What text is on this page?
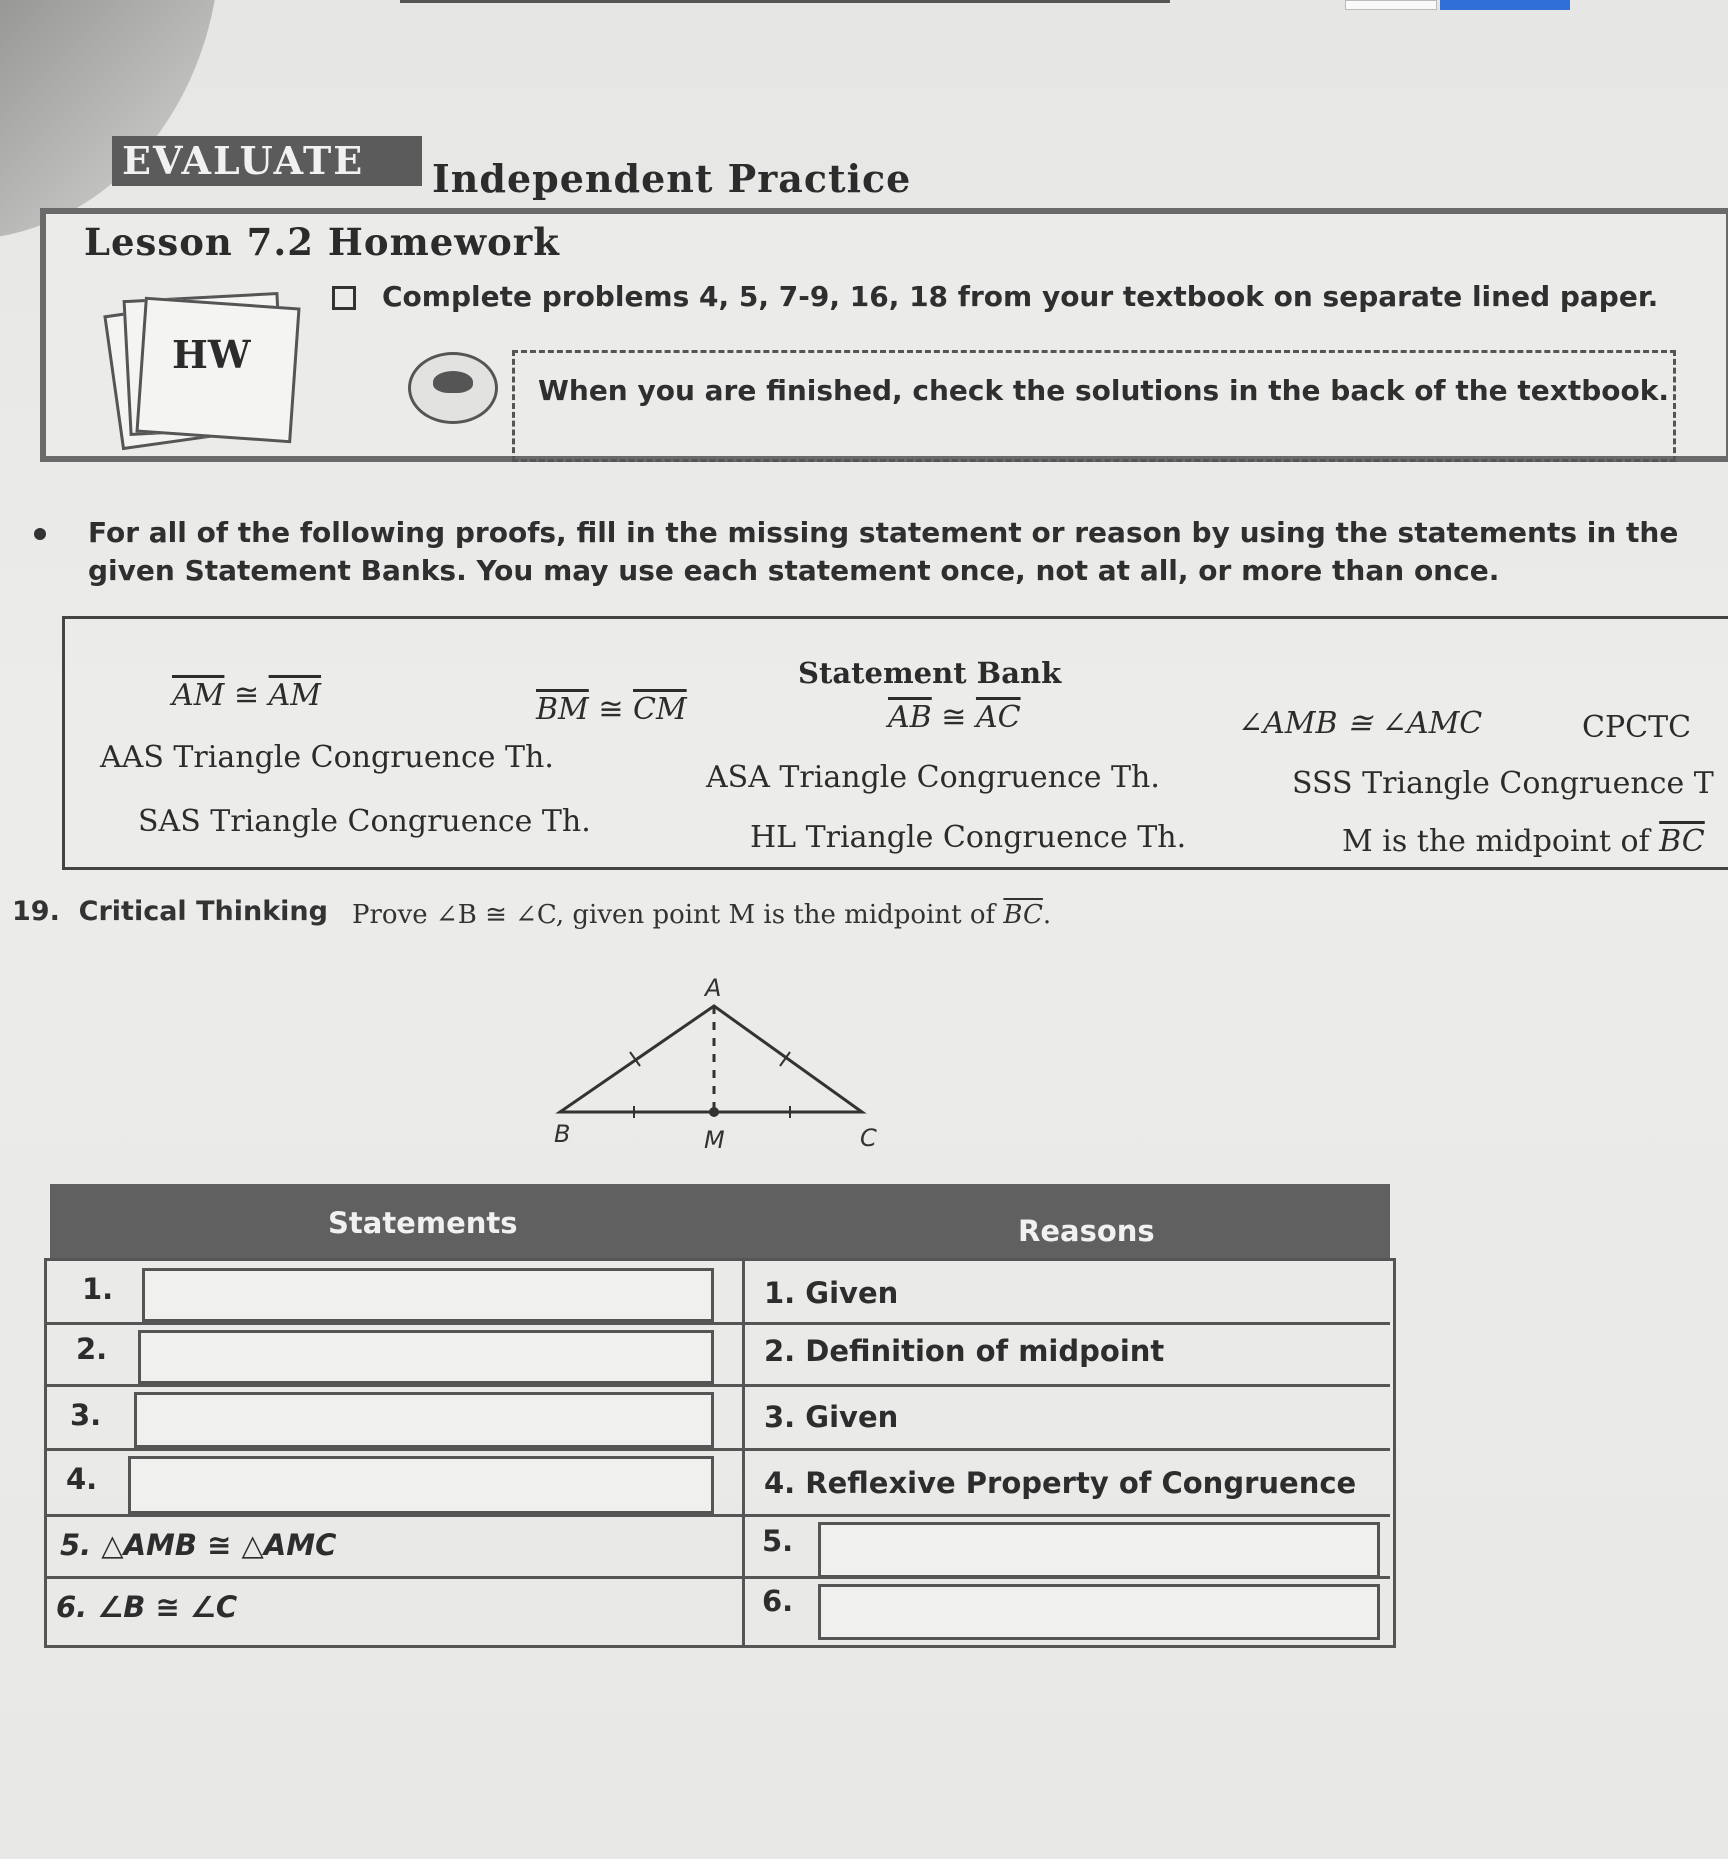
EVALUATE	Independent Practice
Lesson 7.2 Homework
HW
Complete problems 4, 5, 7-9, 16, 18 from your textbook on separate lined paper.
When you are finished, check the solutions in the back of the textbook.
For all of the following proofs, fill in the missing statement or reason by using the statements in the given Statement Banks. You may use each statement once, not at all, or more than once.
Statement Bank
$\overline{AM}$ ≅ $\overline{AM}$	$\overline{BM}$ ≅ $\overline{CM}$	$\overline{AB}$ ≅ $\overline{AC}$	∠AMB ≅ ∠AMC	CPCTC
AAS Triangle Congruence Th.
ASA Triangle Congruence Th.	SSS Triangle Congruence T
SAS Triangle Congruence Th.	HL Triangle Congruence Th.	M is the midpoint of $\overline{BC}$
19. Critical Thinking Prove ∠B ≅ ∠C, given point M is the midpoint of $\overline{BC}$.
A
B	M	C
Statements	Reasons
1.	1. Given
2.	2. Definition of midpoint
3.	3. Given
4.	4. Reflexive Property of Congruence
5. △AMB ≅ △AMC	5.
6. ∠B ≅ ∠C	6.
